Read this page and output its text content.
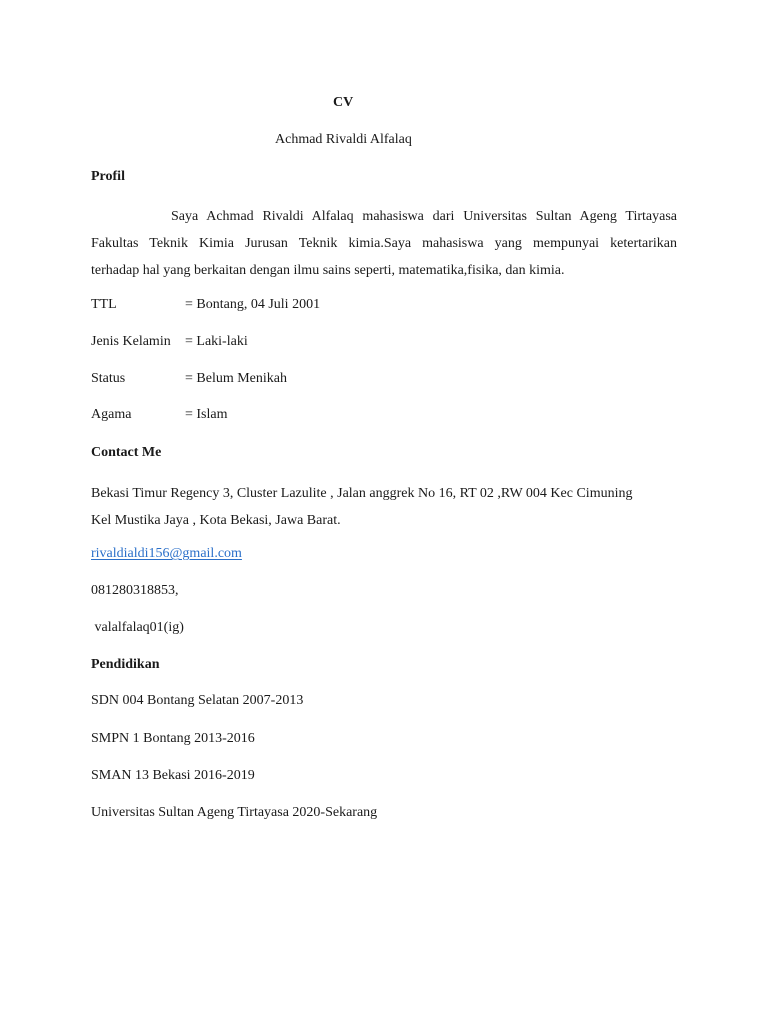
CV
Achmad Rivaldi Alfalaq
Profil
Saya Achmad Rivaldi Alfalaq mahasiswa dari Universitas Sultan Ageng Tirtayasa
Fakultas Teknik Kimia Jurusan Teknik kimia.Saya mahasiswa yang mempunyai ketertarikan
terhadap hal yang berkaitan dengan ilmu sains seperti, matematika,fisika, dan kimia.
TTL	= Bontang, 04 Juli 2001
Jenis Kelamin = Laki-laki
Status	= Belum Menikah
Agama	= Islam
Contact Me
Bekasi Timur Regency 3, Cluster Lazulite , Jalan anggrek No 16, RT 02 ,RW 004 Kec Cimuning
Kel Mustika Jaya , Kota Bekasi, Jawa Barat.
rivaldialdi156@gmail.com
081280318853,
valalfalaq01(ig)
Pendidikan
SDN 004 Bontang Selatan 2007-2013
SMPN 1 Bontang 2013-2016
SMAN 13 Bekasi 2016-2019
Universitas Sultan Ageng Tirtayasa 2020-Sekarang
